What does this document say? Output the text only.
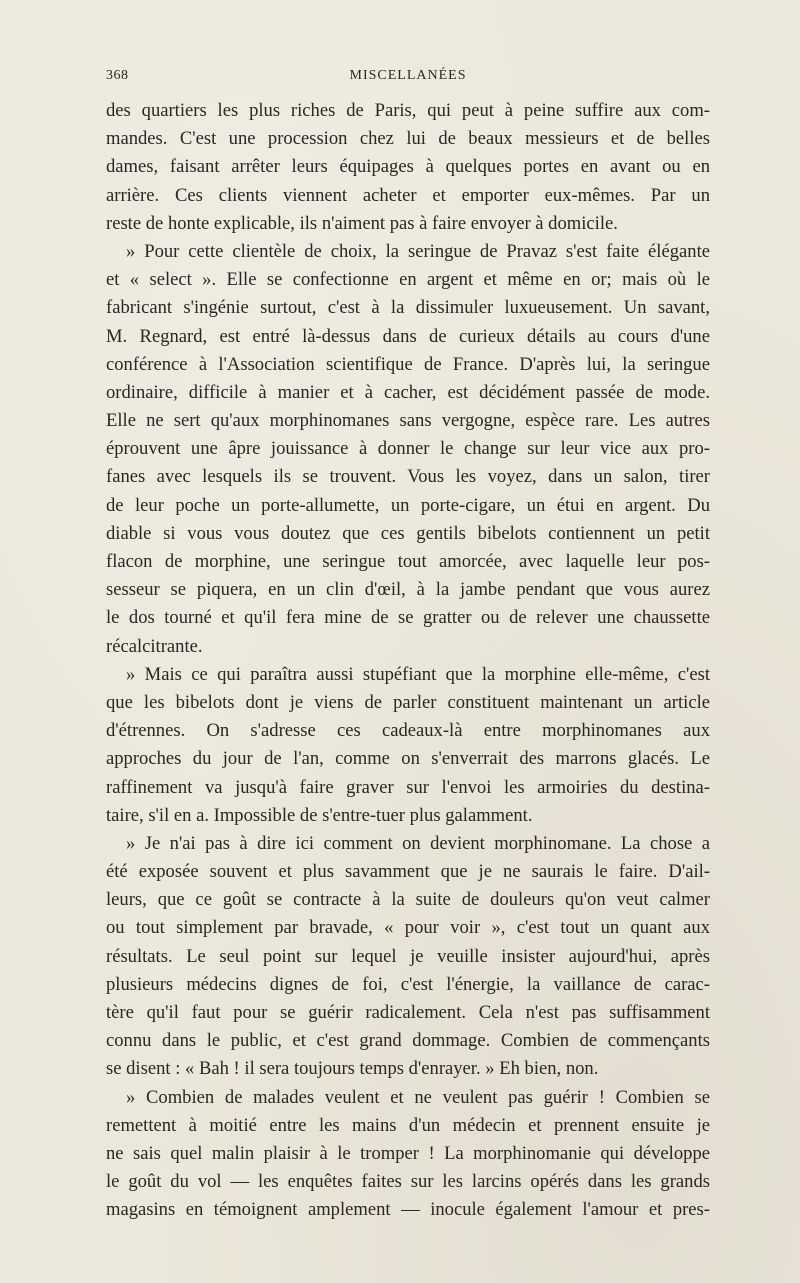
368	MISCELLANÉES
des quartiers les plus riches de Paris, qui peut à peine suffire aux com-
mandes. C'est une procession chez lui de beaux messieurs et de belles
dames, faisant arrêter leurs équipages à quelques portes en avant ou en
arrière. Ces clients viennent acheter et emporter eux-mêmes. Par un
reste de honte explicable, ils n'aiment pas à faire envoyer à domicile.
» Pour cette clientèle de choix, la seringue de Pravaz s'est faite élégante
et « select ». Elle se confectionne en argent et même en or; mais où le
fabricant s'ingénie surtout, c'est à la dissimuler luxueusement. Un savant,
M. Regnard, est entré là-dessus dans de curieux détails au cours d'une
conférence à l'Association scientifique de France. D'après lui, la seringue
ordinaire, difficile à manier et à cacher, est décidément passée de mode.
Elle ne sert qu'aux morphinomanes sans vergogne, espèce rare. Les autres
éprouvent une âpre jouissance à donner le change sur leur vice aux pro-
fanes avec lesquels ils se trouvent. Vous les voyez, dans un salon, tirer
de leur poche un porte-allumette, un porte-cigare, un étui en argent. Du
diable si vous vous doutez que ces gentils bibelots contiennent un petit
flacon de morphine, une seringue tout amorcée, avec laquelle leur pos-
sesseur se piquera, en un clin d'œil, à la jambe pendant que vous aurez
le dos tourné et qu'il fera mine de se gratter ou de relever une chaussette
récalcitrante.
» Mais ce qui paraîtra aussi stupéfiant que la morphine elle-même, c'est
que les bibelots dont je viens de parler constituent maintenant un article
d'étrennes. On s'adresse ces cadeaux-là entre morphinomanes aux
approches du jour de l'an, comme on s'enverrait des marrons glacés. Le
raffinement va jusqu'à faire graver sur l'envoi les armoiries du destina-
taire, s'il en a. Impossible de s'entre-tuer plus galamment.
» Je n'ai pas à dire ici comment on devient morphinomane. La chose a
été exposée souvent et plus savamment que je ne saurais le faire. D'ail-
leurs, que ce goût se contracte à la suite de douleurs qu'on veut calmer
ou tout simplement par bravade, « pour voir », c'est tout un quant aux
résultats. Le seul point sur lequel je veuille insister aujourd'hui, après
plusieurs médecins dignes de foi, c'est l'énergie, la vaillance de carac-
tère qu'il faut pour se guérir radicalement. Cela n'est pas suffisamment
connu dans le public, et c'est grand dommage. Combien de commençants
se disent : « Bah ! il sera toujours temps d'enrayer. » Eh bien, non.
» Combien de malades veulent et ne veulent pas guérir ! Combien se
remettent à moitié entre les mains d'un médecin et prennent ensuite je
ne sais quel malin plaisir à le tromper ! La morphinomanie qui développe
le goût du vol — les enquêtes faites sur les larcins opérés dans les grands
magasins en témoignent amplement — inocule également l'amour et pres-
